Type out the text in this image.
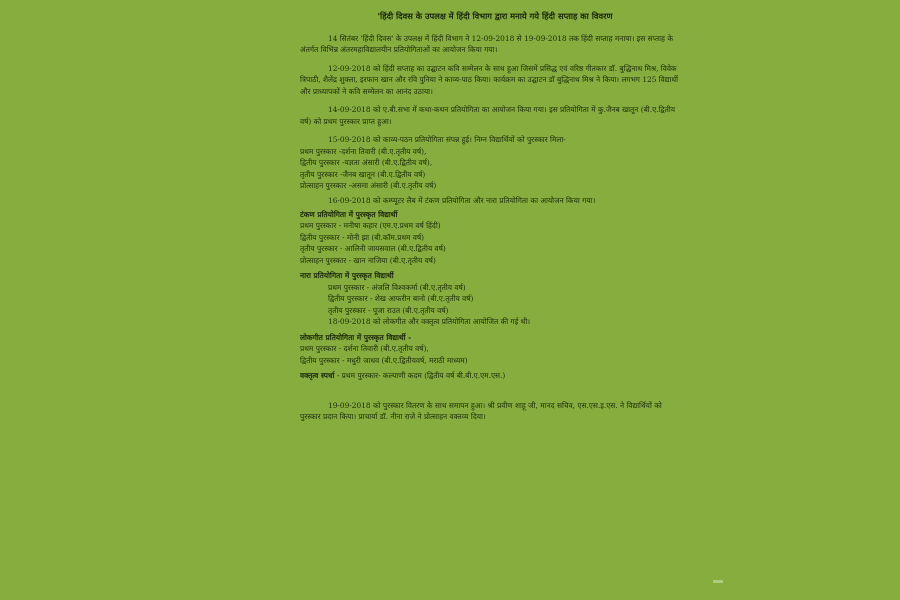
'हिंदी दिवस के उपलक्ष में हिंदी विभाग द्वारा मनाये गये हिंदी सप्ताह का विवरण

14 सितंबर 'हिंदी दिवस' के उपलक्ष में हिंदी विभाग ने 12-09-2018 से 19-09-2018 तक हिंदी सप्ताह मनाया। इस सप्ताह के अंतर्गत विभिन्न अंतरमहाविद्यालयीन प्रतियोगिताओं का आयोजन किया गया।

12-09-2018 को हिंदी सप्ताह का उद्घाटन कवि सम्मेलन के साथ हुआ जिसमें प्रसिद्ध एवं वरिष्ठ गीतकार डॉ. बुद्धिनाथ मिश्र, विवेक त्रिपाठी, शैलेंद्र शुक्ला, इरफान खान और रवि पुनिया ने काव्य-पाठ किया। कार्यक्रम का उद्घाटन डॉ बुद्धिनाथ मिश्र ने किया। लगभग 125 विद्यार्थी और प्राध्यापकों ने कवि सम्मेलन का आनंद उठाया।

14-09-2018 को ए.बी.सभा में कथा-कथन प्रतियोगिता का आयोजन किया गया। इस प्रतियोगिता में कु.जैनब खातून (बी.ए.द्वितीय वर्ष) को प्रथम पुरस्कार प्राप्त हुआ।

15-09-2018 को काव्य-पठन प्रतियोगिता संपन्न हुई। निम्न विद्यार्थियों को पुरस्कार मिला-

प्रथम पुरस्कार -दर्शना तिवारी (बी.ए.तृतीय वर्ष),
द्वितीय पुरस्कार -यज्ञता अंसारी (बी.ए.द्वितीय वर्ष),
तृतीय पुरस्कार -जैनब खातून (बी.ए.द्वितीय वर्ष)
प्रोत्साहन पुरस्कार -असमा अंसारी (बी.ए.तृतीय वर्ष)

16-09-2018 को कम्प्यूटर लैब में टंकण प्रतियोगिता और नारा प्रतियोगिता का आयोजन किया गया।

टंकण प्रतियोगिता में पुरस्कृत विद्यार्थी
प्रथम पुरस्कार - मनीषा कहार (एम.ए.प्रथम वर्ष हिंदी)
द्वितीय पुरस्कार - मोनी झा (बी.कॉम.प्रथम वर्ष)
तृतीय पुरस्कार - आलिनी जायसवाल (बी.ए.द्वितीय वर्ष)
प्रोत्साहन पुरस्कार - खान नाजिया (बी.ए.तृतीय वर्ष)
नारा प्रतियोगिता में पुरस्कृत विद्यार्थी
प्रथम पुरस्कार - अंजलि विश्वकर्मा (बी.ए.तृतीय वर्ष)
द्वितीय पुरस्कार - शेख आफरीन बानो (बी.ए.तृतीय वर्ष)
तृतीय पुरस्कार - पूजा राउत (बी.ए.तृतीय वर्ष)
18-09-2018 को लोकगीत और वक्तृत्व प्रतियोगिता आयोजित की गई थी।
लोकगीत प्रतियोगिता में पुरस्कृत विद्यार्थी -
प्रथम पुरस्कार - दर्शना तिवारी (बी.ए.तृतीय वर्ष),
द्वितीय पुरस्कार - मधुरी जाधव (बी.ए.द्वितीयवर्ष, मराठी माध्यम)
वक्तृत्व स्पर्धा - प्रथम पुरस्कार- कल्याणी कदम (द्वितीय वर्ष बी.बी.ए.एम.एस.)

19-09-2018 को पुरस्कार वितरण के साथ समापन हुआ। श्री प्रवीण शाहू जी, मानद सचिव, एस.एस.इ.एस. ने विद्यार्थियों को पुरस्कार प्रदान किया। प्राचार्या डॉ. नीना राजे ने प्रोत्साहन वक्तव्य दिया।
